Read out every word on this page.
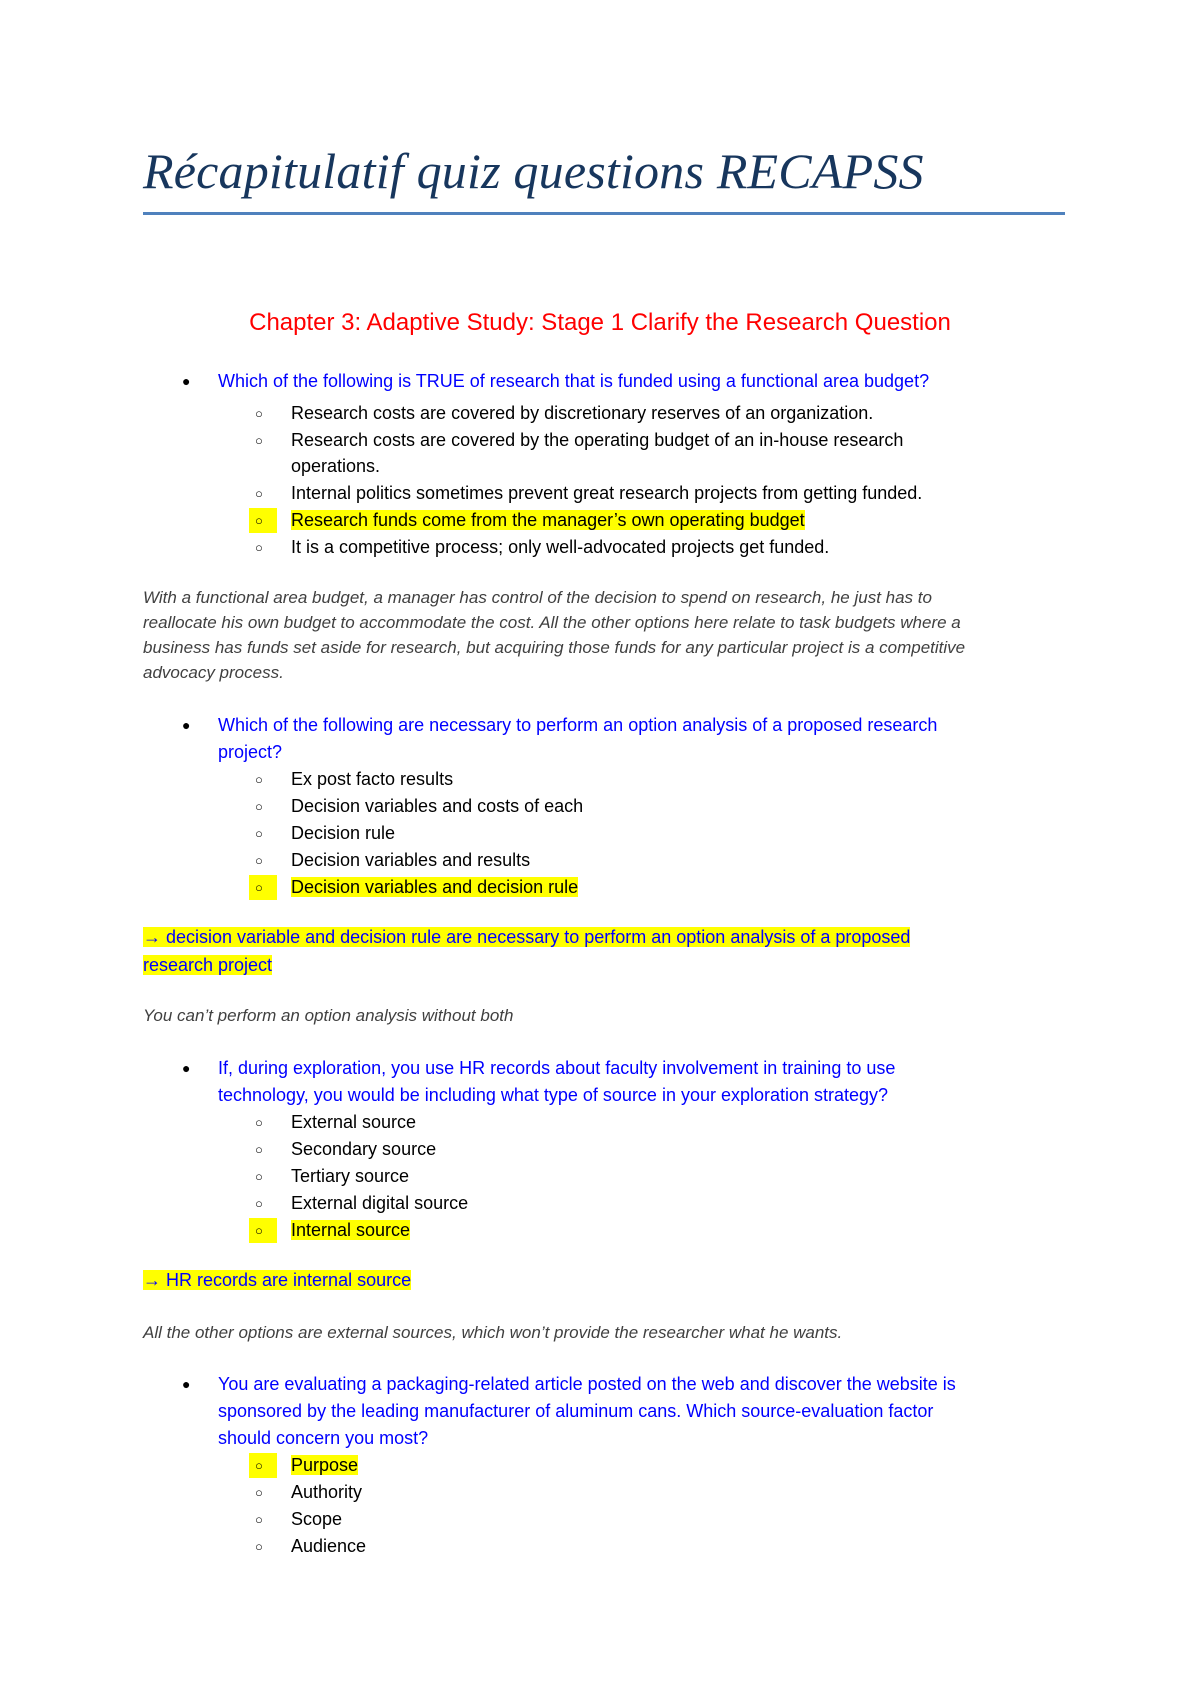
Récapitulatif quiz questions RECAPSS
Chapter 3: Adaptive Study: Stage 1 Clarify the Research Question
● Which of the following is TRUE of research that is funded using a functional area budget?
○ Research costs are covered by discretionary reserves of an organization.
○ Research costs are covered by the operating budget of an in-house research
operations.
○ Internal politics sometimes prevent great research projects from getting funded.
○ Research funds come from the manager’s own operating budget
○ It is a competitive process; only well-advocated projects get funded.
With a functional area budget, a manager has control of the decision to spend on research, he just has to
reallocate his own budget to accommodate the cost. All the other options here relate to task budgets where a
business has funds set aside for research, but acquiring those funds for any particular project is a competitive
advocacy process.
● Which of the following are necessary to perform an option analysis of a proposed research
project?
○ Ex post facto results
○ Decision variables and costs of each
○ Decision rule
○ Decision variables and results
○ Decision variables and decision rule
→ decision variable and decision rule are necessary to perform an option analysis of a proposed
research project
You can’t perform an option analysis without both
● If, during exploration, you use HR records about faculty involvement in training to use
technology, you would be including what type of source in your exploration strategy?
○ External source
○ Secondary source
○ Tertiary source
○ External digital source
○ Internal source
→ HR records are internal source
All the other options are external sources, which won’t provide the researcher what he wants.
● You are evaluating a packaging-related article posted on the web and discover the website is
sponsored by the leading manufacturer of aluminum cans. Which source-evaluation factor
should concern you most?
○ Purpose
○ Authority
○ Scope
○ Audience
